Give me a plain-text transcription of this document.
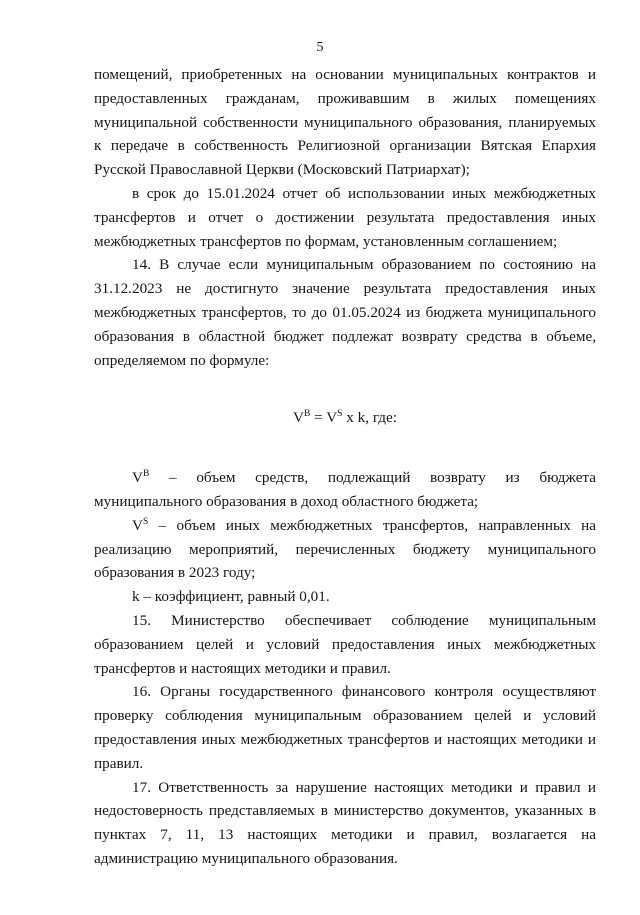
5

помещений, приобретенных на основании муниципальных контрактов и предоставленных гражданам, проживавшим в жилых помещениях муниципальной собственности муниципального образования, планируемых к передаче в собственность Религиозной организации Вятская Епархия Русской Православной Церкви (Московский Патриархат);

в срок до 15.01.2024 отчет об использовании иных межбюджетных трансфертов и отчет о достижении результата предоставления иных межбюджетных трансфертов по формам, установленным соглашением;

14. В случае если муниципальным образованием по состоянию на 31.12.2023 не достигнуто значение результата предоставления иных межбюджетных трансфертов, то до 01.05.2024 из бюджета муниципального образования в областной бюджет подлежат возврату средства в объеме, определяемом по формуле:

$V^B = V^S$ x k, где:

$V^B$ – объем средств, подлежащий возврату из бюджета муниципального образования в доход областного бюджета;

$V^S$ – объем иных межбюджетных трансфертов, направленных на реализацию мероприятий, перечисленных бюджету муниципального образования в 2023 году;

k – коэффициент, равный 0,01.

15. Министерство обеспечивает соблюдение муниципальным образованием целей и условий предоставления иных межбюджетных трансфертов и настоящих методики и правил.

16. Органы государственного финансового контроля осуществляют проверку соблюдения муниципальным образованием целей и условий предоставления иных межбюджетных трансфертов и настоящих методики и правил.

17. Ответственность за нарушение настоящих методики и правил и недостоверность представляемых в министерство документов, указанных в пунктах 7, 11, 13 настоящих методики и правил, возлагается на администрацию муниципального образования.
